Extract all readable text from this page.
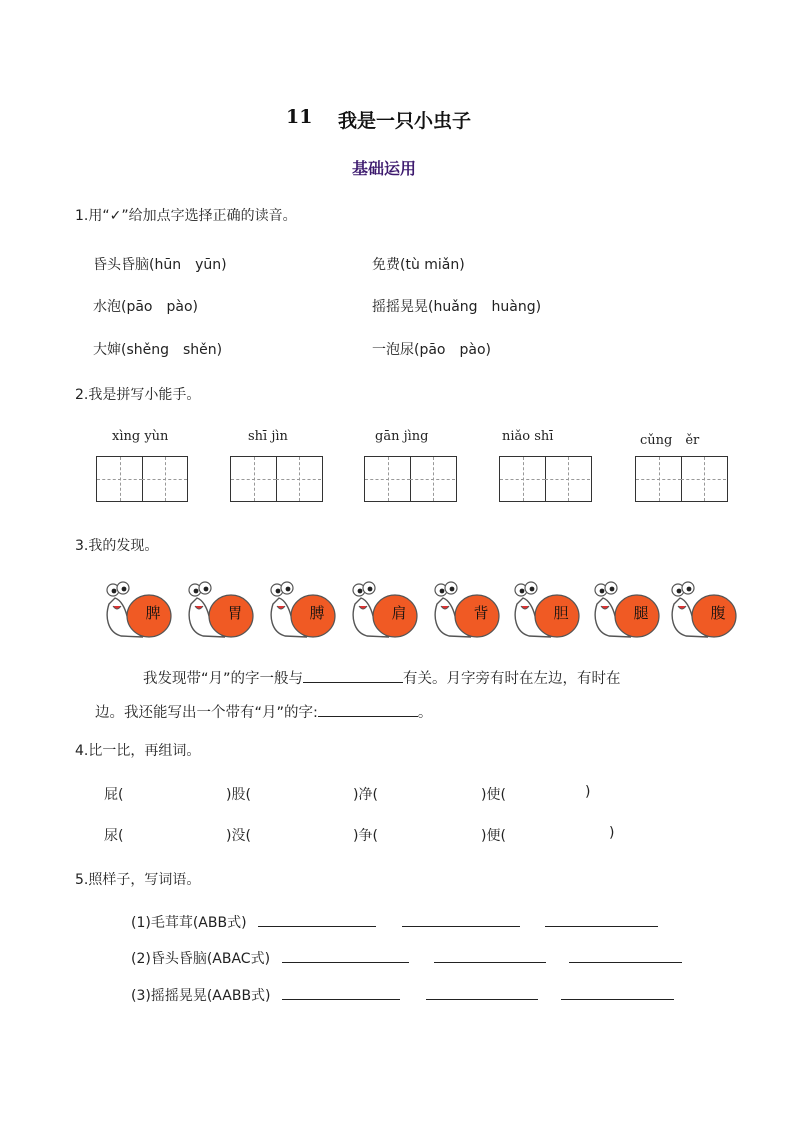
11 我是一只小虫子
基础运用
1.用“✓”给加点字选择正确的读音。
昏头昏脑(hūn　yūn)	免费(tù miǎn)
水泡(pāo　pào)	摇摇晃晃(huǎng　huàng)
大婶(shěng　shěn)	一泡尿(pāo　pào)
2.我是拼写小能手。
xìng yùn	shī jìn	gān jìng	niǎo shī	cǔng　ěr
3.我的发现。
脾	胃	膊	肩	背	胆	腿	腹
我发现带“月”的字一般与	有关。月字旁有时在左边，有时在
边。我还能写出一个带有“月”的字:	。
4.比一比，再组词。
屁(	)股(	)净(	)使(	)
尿(	)没(	)争(	)便(	)
5.照样子，写词语。
(1)毛茸茸(ABB式)
(2)昏头昏脑(ABAC式)
(3)摇摇晃晃(AABB式)
